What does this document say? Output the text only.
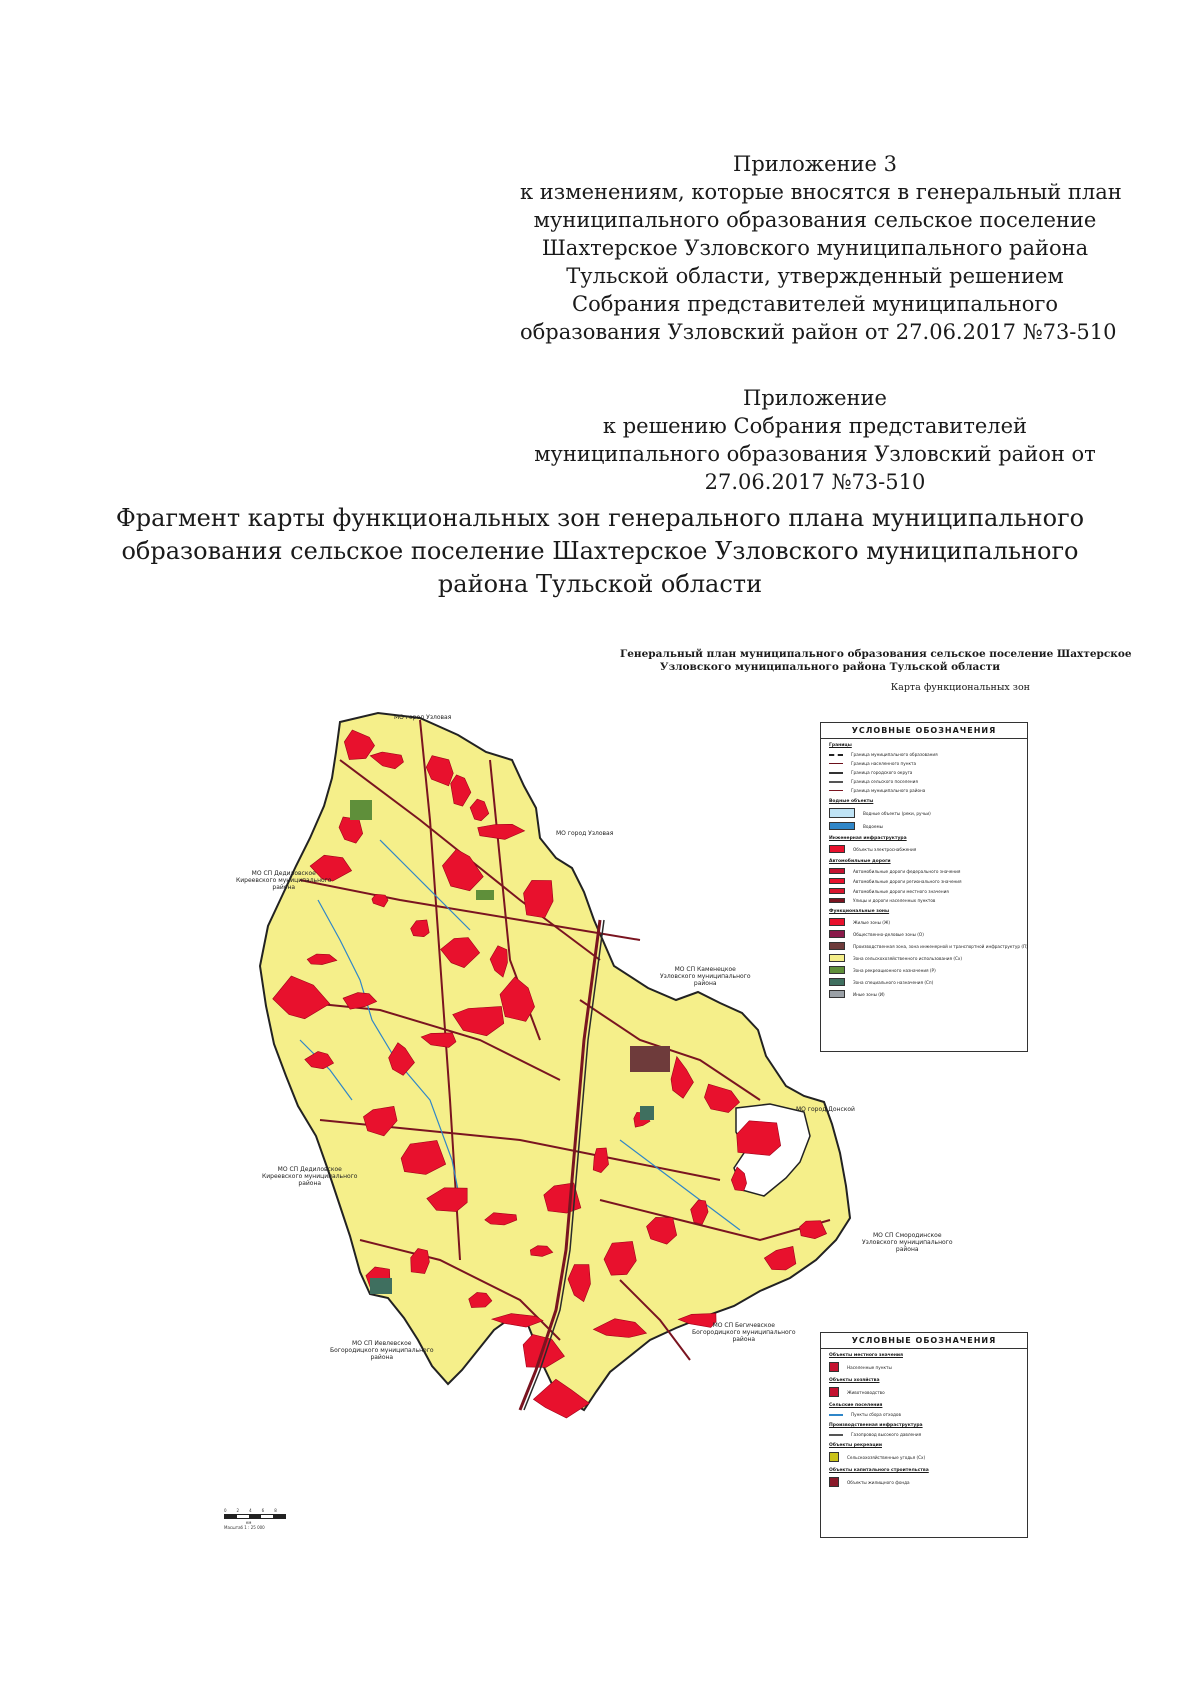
Приложение 3
к изменениям, которые вносятся в генеральный план
муниципального образования сельское поселение
Шахтерское Узловского муниципального района
Тульской области, утвержденный решением
Собрания представителей муниципального
образования Узловский район от 27.06.2017 №73-510
Приложение
к решению Собрания представителей
муниципального образования Узловский район от
27.06.2017 №73-510
Фрагмент карты функциональных зон генерального плана муниципального
образования сельское поселение Шахтерское Узловского муниципального
района Тульской области
Генеральный план муниципального образования сельское поселение Шахтерское
Узловского муниципального района Тульской области
Карта функциональных зон
МО город Узловая
МО город Узловая
МО СП Дедиловское
Киреевского муниципального
района
МО СП Каменецкое
Узловского муниципального
района
МО город Донской
МО СП Дедиловское
Киреевского муниципального
района
МО СП Смородинское
Узловского муниципального
района
МО СП Иевлевское
Богородицкого муниципального
района
МО СП Бегичевское
Богородицкого муниципального
района
УСЛОВНЫЕ ОБОЗНАЧЕНИЯ
Границы
Граница муниципального образования
Граница населенного пункта
Граница городского округа
Граница сельского поселения
Граница муниципального района
Водные объекты
Водные объекты (реки, ручьи)
Водоемы
Инженерная инфраструктура
Объекты электроснабжения
Автомобильные дороги
Автомобильные дороги федерального значения
Автомобильные дороги регионального значения
Автомобильные дороги местного значения
Улицы и дороги населенных пунктов
Функциональные зоны
Жилые зоны (Ж)
Общественно-деловые зоны (О)
Производственная зона, зона инженерной и транспортной инфраструктур (П)
Зона сельскохозяйственного использования (Сх)
Зона рекреационного назначения (Р)
Зона специального назначения (Сп)
Иные зоны (И)
УСЛОВНЫЕ ОБОЗНАЧЕНИЯ
Объекты местного значения
Населенные пункты
Объекты хозяйства
Животноводство
Сельские поселения
Пункты сбора отходов
Производственная инфраструктура
Газопровод высокого давления
Объекты рекреации
Сельскохозяйственные угодья (Сх)
Объекты капитального строительства
Объекты жилищного фонда
0	2	4	6	8
км
Масштаб 1 : 25 000
